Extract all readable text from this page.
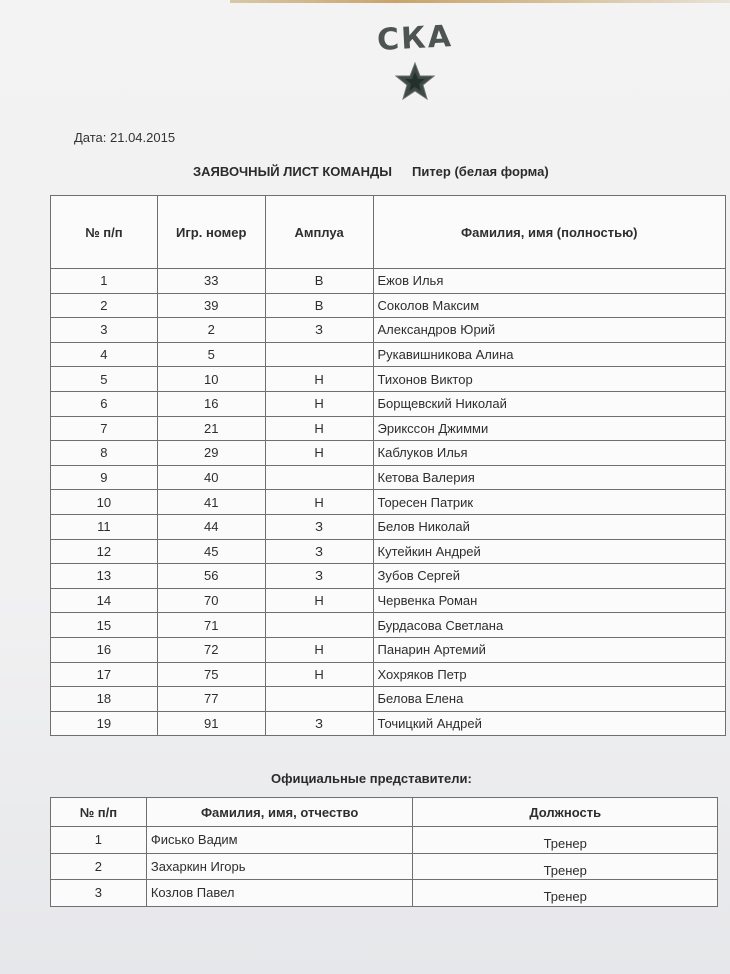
СКА
Дата: 21.04.2015
ЗАЯВОЧНЫЙ ЛИСТ КОМАНДЫ Питер (белая форма)
№ п/п	Игр. номер	Амплуа	Фамилия, имя (полностью)
1	33	В	Ежов Илья
2	39	В	Соколов Максим
3	2	З	Александров Юрий
4	5		Рукавишникова Алина
5	10	Н	Тихонов Виктор
6	16	Н	Борщевский Николай
7	21	Н	Эрикссон Джимми
8	29	Н	Каблуков Илья
9	40		Кетова Валерия
10	41	Н	Торесен Патрик
11	44	З	Белов Николай
12	45	З	Кутейкин Андрей
13	56	З	Зубов Сергей
14	70	Н	Червенка Роман
15	71		Бурдасова Светлана
16	72	Н	Панарин Артемий
17	75	Н	Хохряков Петр
18	77		Белова Елена
19	91	З	Точицкий Андрей
Официальные представители:
№ п/п	Фамилия, имя, отчество	Должность
1	Фисько Вадим	Тренер
2	Захаркин Игорь	Тренер
3	Козлов Павел	Тренер
